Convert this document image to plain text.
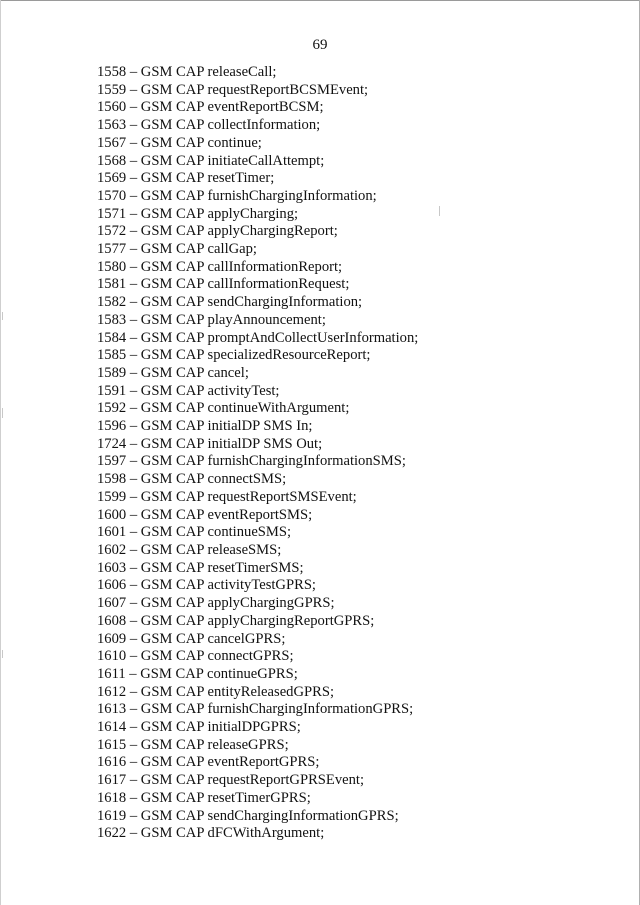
69
1558 – GSM CAP releaseCall;
1559 – GSM CAP requestReportBCSMEvent;
1560 – GSM CAP eventReportBCSM;
1563 – GSM CAP collectInformation;
1567 – GSM CAP continue;
1568 – GSM CAP initiateCallAttempt;
1569 – GSM CAP resetTimer;
1570 – GSM CAP furnishChargingInformation;
1571 – GSM CAP applyCharging;
1572 – GSM CAP applyChargingReport;
1577 – GSM CAP callGap;
1580 – GSM CAP callInformationReport;
1581 – GSM CAP callInformationRequest;
1582 – GSM CAP sendChargingInformation;
1583 – GSM CAP playAnnouncement;
1584 – GSM CAP promptAndCollectUserInformation;
1585 – GSM CAP specializedResourceReport;
1589 – GSM CAP cancel;
1591 – GSM CAP activityTest;
1592 – GSM CAP continueWithArgument;
1596 – GSM CAP initialDP SMS In;
1724 – GSM CAP initialDP SMS Out;
1597 – GSM CAP furnishChargingInformationSMS;
1598 – GSM CAP connectSMS;
1599 – GSM CAP requestReportSMSEvent;
1600 – GSM CAP eventReportSMS;
1601 – GSM CAP continueSMS;
1602 – GSM CAP releaseSMS;
1603 – GSM CAP resetTimerSMS;
1606 – GSM CAP activityTestGPRS;
1607 – GSM CAP applyChargingGPRS;
1608 – GSM CAP applyChargingReportGPRS;
1609 – GSM CAP cancelGPRS;
1610 – GSM CAP connectGPRS;
1611 – GSM CAP continueGPRS;
1612 – GSM CAP entityReleasedGPRS;
1613 – GSM CAP furnishChargingInformationGPRS;
1614 – GSM CAP initialDPGPRS;
1615 – GSM CAP releaseGPRS;
1616 – GSM CAP eventReportGPRS;
1617 – GSM CAP requestReportGPRSEvent;
1618 – GSM CAP resetTimerGPRS;
1619 – GSM CAP sendChargingInformationGPRS;
1622 – GSM CAP dFCWithArgument;
